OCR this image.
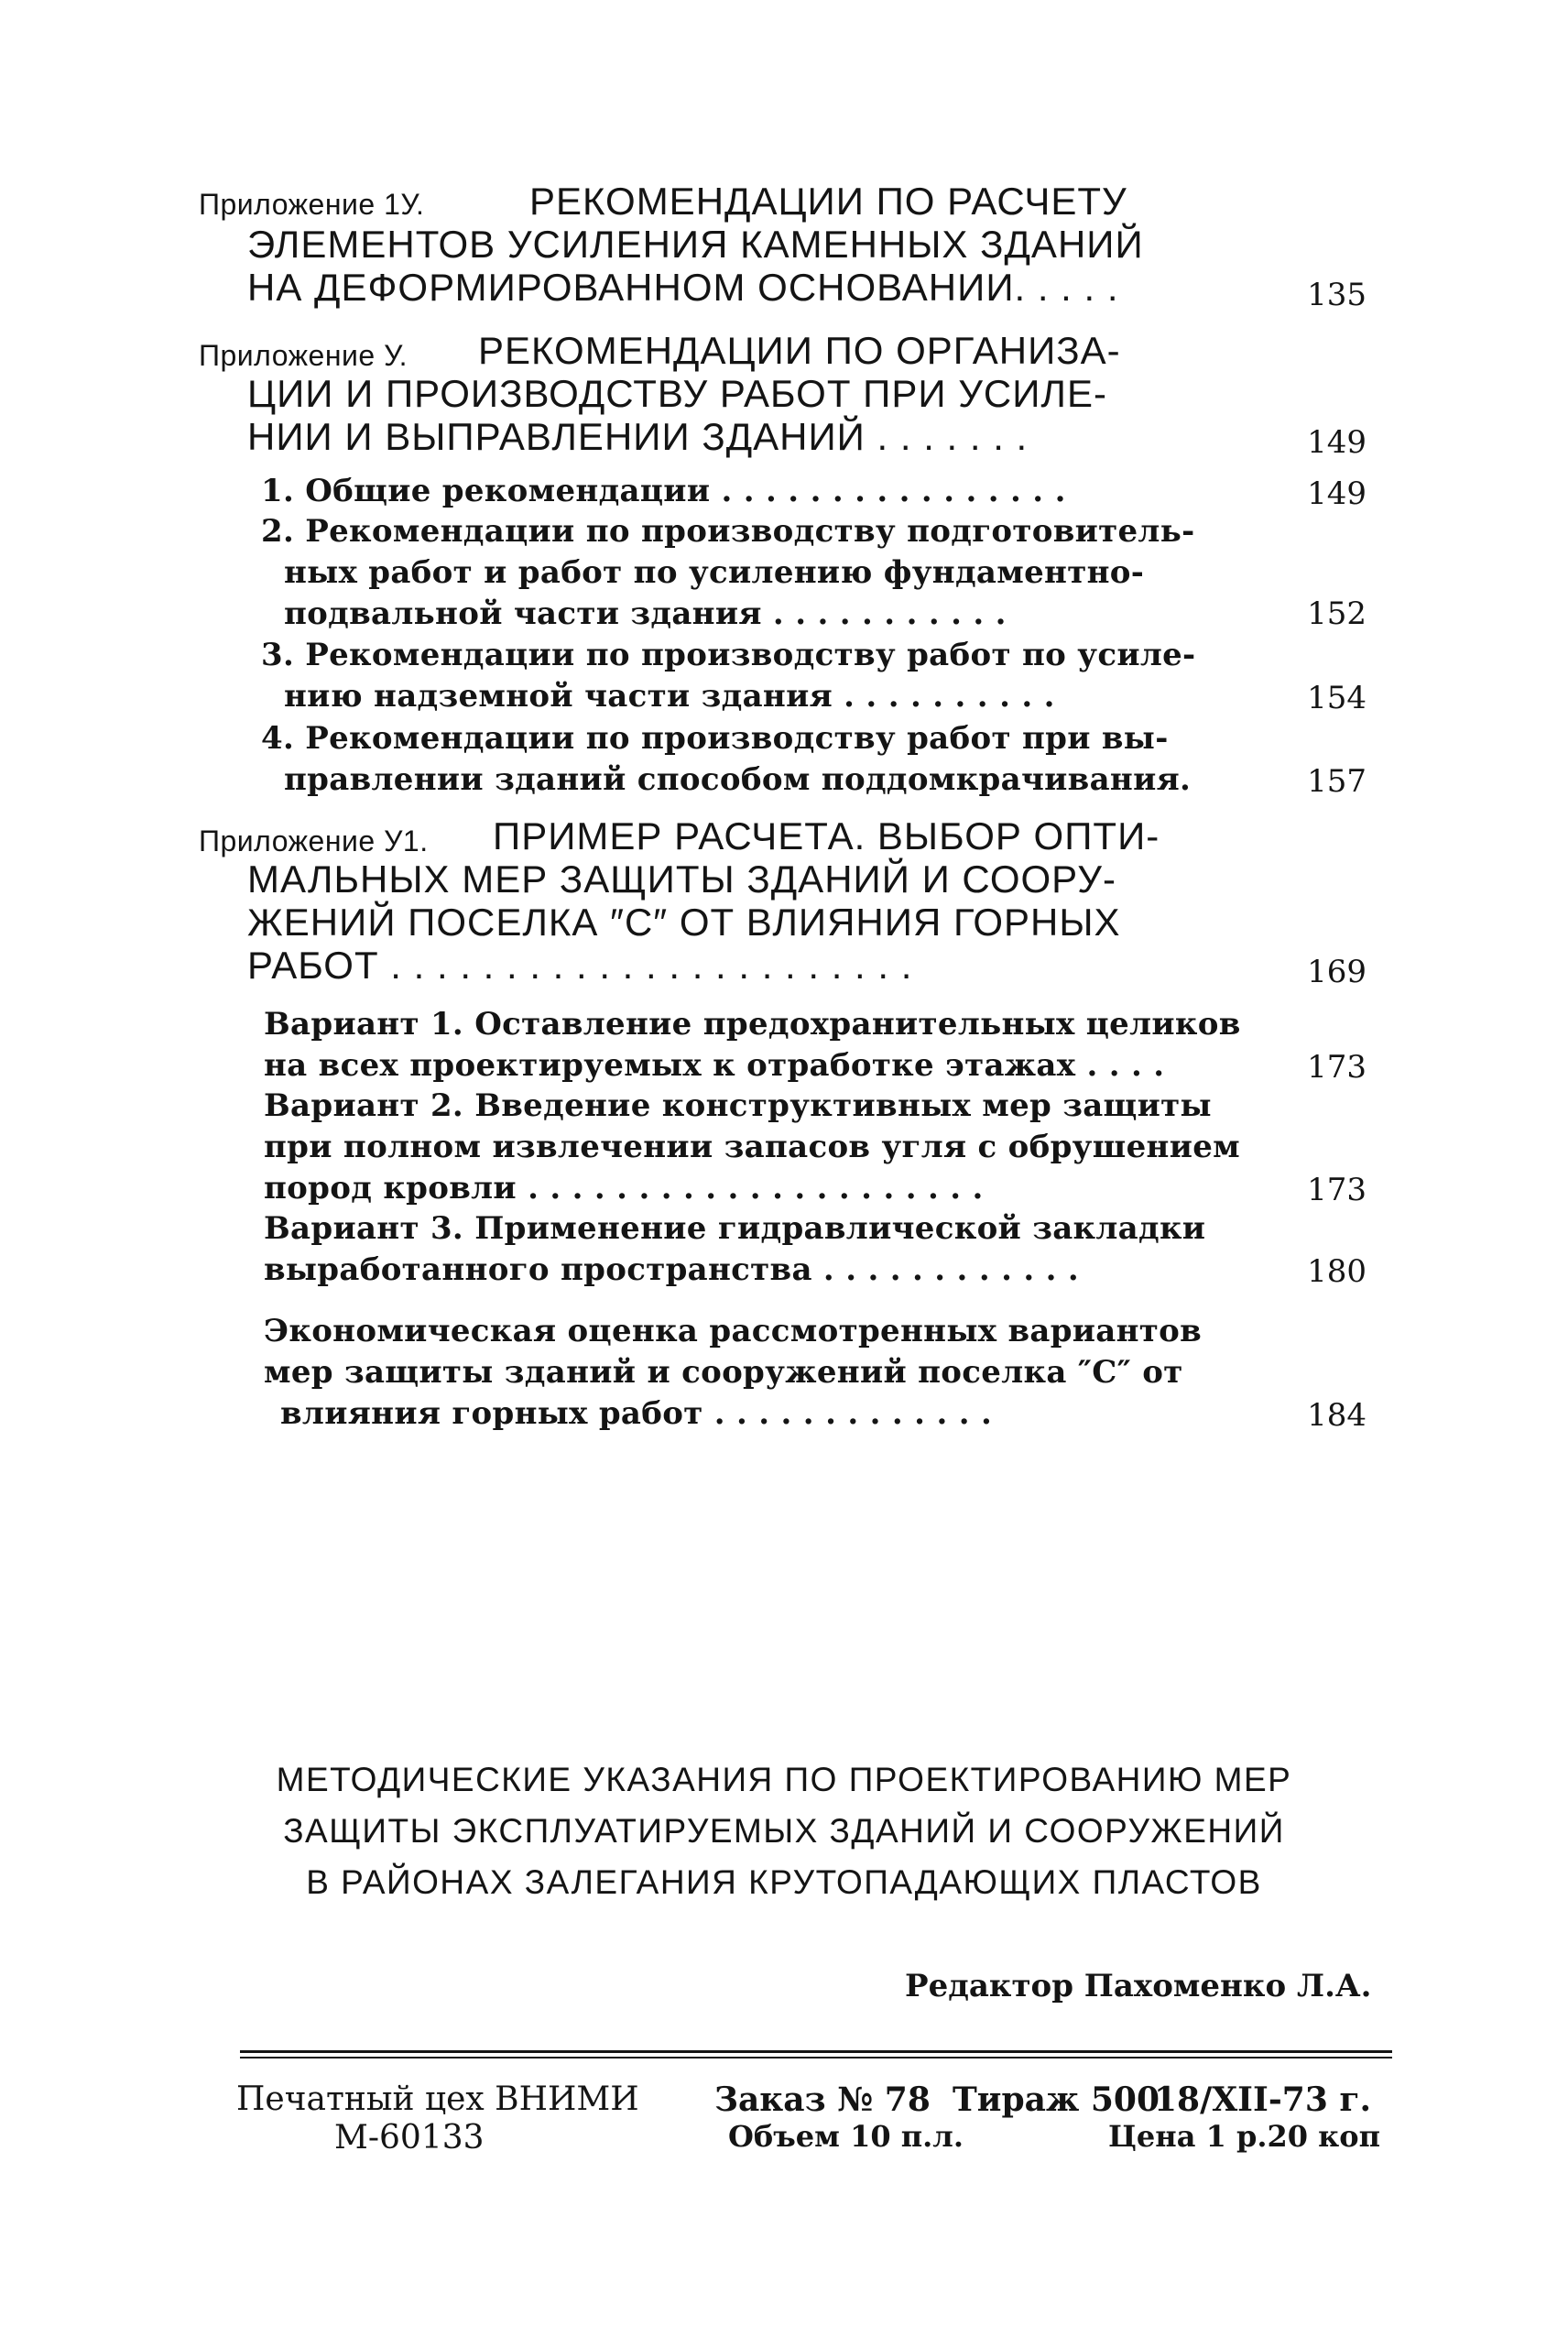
Приложение 1У.	РЕКОМЕНДАЦИИ ПО РАСЧЕТУ
ЭЛЕМЕНТОВ УСИЛЕНИЯ КАМЕННЫХ ЗДАНИЙ
НА ДЕФОРМИРОВАННОМ ОСНОВАНИИ. . . . .	135
Приложение У. РЕКОМЕНДАЦИИ ПО ОРГАНИЗА-
ЦИИ И ПРОИЗВОДСТВУ РАБОТ ПРИ УСИЛЕ-
НИИ И ВЫПРАВЛЕНИИ ЗДАНИЙ . . . . . . .	149
1. Общие рекомендации . . . . . . . . . . . . . . . .	149
2. Рекомендации по производству подготовитель-
ных работ и работ по усилению фундаментно-
подвальной части здания . . . . . . . . . . .	152
3. Рекомендации по производству работ по усиле-
нию надземной части здания . . . . . . . . . .	154
4. Рекомендации по производству работ при вы-
правлении зданий способом поддомкрачивания.	157
Приложение У1. ПРИМЕР РАСЧЕТА. ВЫБОР ОПТИ-
МАЛЬНЫХ МЕР ЗАЩИТЫ ЗДАНИЙ И СООРУ-
ЖЕНИЙ ПОСЕЛКА ″С″ ОТ ВЛИЯНИЯ ГОРНЫХ
РАБОТ . . . . . . . . . . . . . . . . . . . . . . .	169
Вариант 1. Оставление предохранительных целиков
на всех проектируемых к отработке этажах . . . .	173
Вариант 2. Введение конструктивных мер защиты
при полном извлечении запасов угля с обрушением
пород кровли . . . . . . . . . . . . . . . . . . . . .	173
Вариант 3. Применение гидравлической закладки
выработанного пространства . . . . . . . . . . . .	180
Экономическая оценка рассмотренных вариантов
мер защиты зданий и сооружений поселка ″С″ от
влияния горных работ . . . . . . . . . . . . .	184
МЕТОДИЧЕСКИЕ УКАЗАНИЯ ПО ПРОЕКТИРОВАНИЮ МЕР
ЗАЩИТЫ ЭКСПЛУАТИРУЕМЫХ ЗДАНИЙ И СООРУЖЕНИЙ
В РАЙОНАХ ЗАЛЕГАНИЯ КРУТОПАДАЮЩИХ ПЛАСТОВ
Редактор Пахоменко Л.А.
Печатный цех ВНИМИ
М-60133
Заказ № 78 Тираж 500
18/XII-73 г.
Объем 10 п.л.	Цена 1 р.20 коп
